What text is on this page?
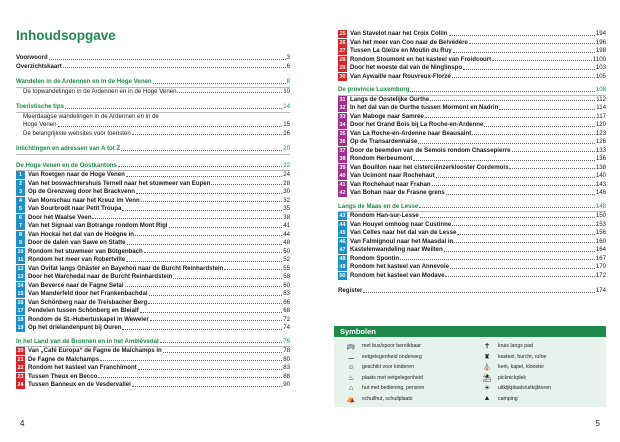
Inhoudsopgave
Voorwoord	3
Overzichtskaart	6
Wandelen in de Ardennen en in de Hoge Venen	8
De topwandelingen in de Ardennen en in de Hoge Venen	10
Toeristische tips	14
Meerdaagse wandelingen in de Ardennen en in de
Hoge Venen	15
De belangrijkste websites voor toeristen	16
Inlichtingen en adressen van A tot Z	20
De Hoge Venen en de Oostkantons	22
1 Van Roetgen naar de Hoge Venen	24
2 Van het boswachtershuis Ternell naar het stuwmeer van Eupen	28
3 Op de Grenzweg door het Brackvenn	30
4 Van Monschau naar het Kreuz im Venn	32
5 Van Sourbrodt naar Petit Troupa	35
6 Door het Waalse Veen	38
7 Van het Signaal van Botrange rondom Mont Rigi	41
8 Van Hockai het dal van de Hoëgne in	44
9 Door de dalen van Sawe en Statte	48
10 Rondom het stuwmeer van Bütgenbach	50
11 Rondom het meer van Robertville	52
12 Van Ovifat langs Ghäster en Bayehon naar de Burcht Reinhardstein	55
13 Door het Warchedal naar de Burcht Reinhardstein	58
14 Van Bevercé naar de Fagne Setai	60
15 Van Manderfeld door het Frankenbachdal	63
16 Van Schönberg naar de Treisbacher Berg	66
17 Pendelen tussen Schönberg en Bleialf	68
18 Rondom de St.-Hubertuskapel in Weweler	72
19 Op het drielandenpunt bij Ouren	74
In het Land van de Bronnen en in het Amblèvedal	76
20 Van „Café Europa“ de Fagne de Malchamps in	78
21 De Fagne de Malchamps	80
22 Rondom het kasteel van Franchimont	83
23 Tussen Theux en Becco	88
24 Tussen Banneux en de Vesdervallei	90
4
25 Van Stavelot naar het Croix Collin	194
26 Van het meer van Coo naar de Belvédère	196
27 Tussen La Gleize en Moulin du Ruy	198
28 Rondom Stoumont en het kasteel van Froidcourt	1100
29 Door het woeste dal van de Ninglinspo	103
30 Van Aywaille naar Rouvreux-Florzé	105
De provincie Luxemburg	108
31 Langs de Oostelijke Ourthe	112
32 In het dal van de Ourthe tussen Mormont en Nadrin	114
33 Van Maboge naar Samrée	117
34 Door het Grand Bois bij La Roche-en-Ardenne	120
35 Van La Roche-en-Ardenne naar Beausaint	123
36 Op de Transardennaise	126
37 Door de beemden van de Semois rondom Chassepierre	133
38 Rondom Herbeumont	136
39 Van Bouillon naar het cisterciënzerklooster Cordemois	138
40 Van Ucimont naar Rochehaut	140
41 Van Rochehaut naar Frahan	143
42 Van Bohan naar de Frasne grens	146
Langs de Maas en de Lesse	148
43 Rondom Han-sur-Lesse	150
44 Van Houyet omhoog naar Custinne	153
45 Van Celles naar het dal van de Lesse	156
46 Van Falmignoul naar het Maasdal in	160
47 Kastelenwandeling naar Weillen	164
48 Rondom Spontin	167
49 Rondom het kasteel van Annevoie	170
50 Rondom het kasteel van Modave	172
Register	174
Symbolen
🚌	met bus/spoor bereikbaar	✝	kruis langs pad
⚊	eetgelegenheid onderweg	♜	kasteel, burcht, ruïne
☺	geschikt voor kinderen	⛪	kerk, kapel, klooster
♨	plaats met eetgelegenheid	⛱	picknickplek
⌂	hut met bediening, pension	☀	uitkijkplaats/uitkijktoren
⛺	schuilhut, schuilplaats	▲	camping
5
